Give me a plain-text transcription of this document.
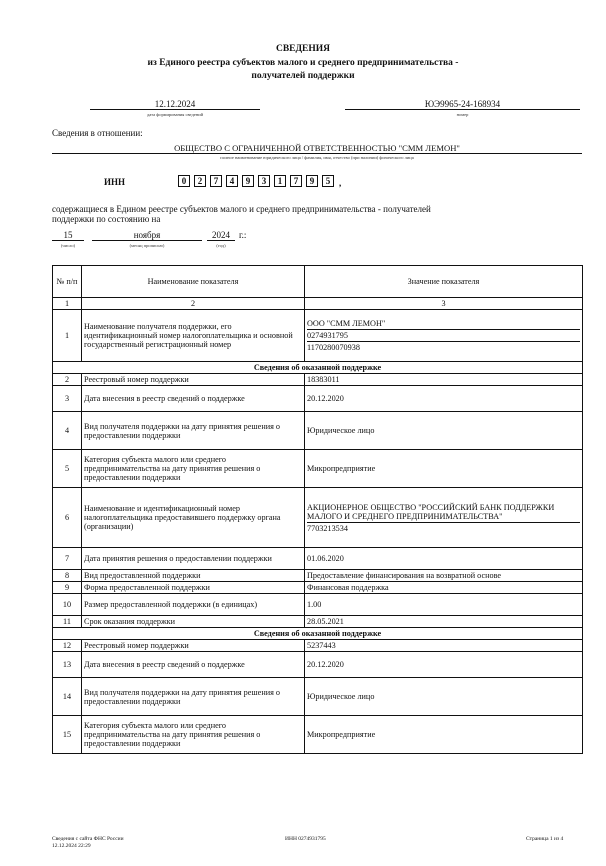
СВЕДЕНИЯ
из Единого реестра субъектов малого и среднего предпринимательства -
получателей поддержки
12.12.2024
дата формирования сведений
ЮЭ9965-24-168934
номер
Сведения в отношении:
ОБЩЕСТВО С ОГРАНИЧЕННОЙ ОТВЕТСТВЕННОСТЬЮ "СММ ЛЕМОН"
полное наименование юридического лица / фамилия, имя, отчество (при наличии) физического лица
ИНН	0	2	7	4	9	3	1	7	9	5 ,
содержащиеся в Едином реестре субъектов малого и среднего предпринимательства - получателей
поддержки по состоянию на
15
(число)
ноября
(месяц прописью)
2024
(год)
г.:
№ п/п	Наименование показателя	Значение показателя
1	2	3
1	Наименование получателя поддержки, его идентификационный номер налогоплательщика и основной государственный регистрационный номер	ООО "СММ ЛЕМОН"
0274931795
1170280070938

Сведения об оказанной поддержке		
2	Реестровый номер поддержки	18383011
3	Дата внесения в реестр сведений о поддержке	20.12.2020
4	Вид получателя поддержки на дату принятия решения о предоставлении поддержки	Юридическое лицо
5	Категория субъекта малого или среднего предпринимательства на дату принятия решения о предоставлении поддержки	Микропредприятие
6	Наименование и идентификационный номер налогоплательщика предоставившего поддержку органа (организации)	АКЦИОНЕРНОЕ ОБЩЕСТВО "РОССИЙСКИЙ БАНК ПОДДЕРЖКИ МАЛОГО И СРЕДНЕГО ПРЕДПРИНИМАТЕЛЬСТВА"
7703213534

7	Дата принятия решения о предоставлении поддержки	01.06.2020
8	Вид предоставленной поддержки	Предоставление финансирования на возвратной основе
9	Форма предоставленной поддержки	Финансовая поддержка
10	Размер предоставленной поддержки (в единицах)	1.00
11	Срок оказания поддержки	28.05.2021
Сведения об оказанной поддержке		
12	Реестровый номер поддержки	5237443
13	Дата внесения в реестр сведений о поддержке	20.12.2020
14	Вид получателя поддержки на дату принятия решения о предоставлении поддержки	Юридическое лицо
15	Категория субъекта малого или среднего предпринимательства на дату принятия решения о предоставлении поддержки	Микропредприятие
Сведения с сайта ФНС России
12.12.2024 22:29
ИНН 0274931795	Страница 1 из 4
